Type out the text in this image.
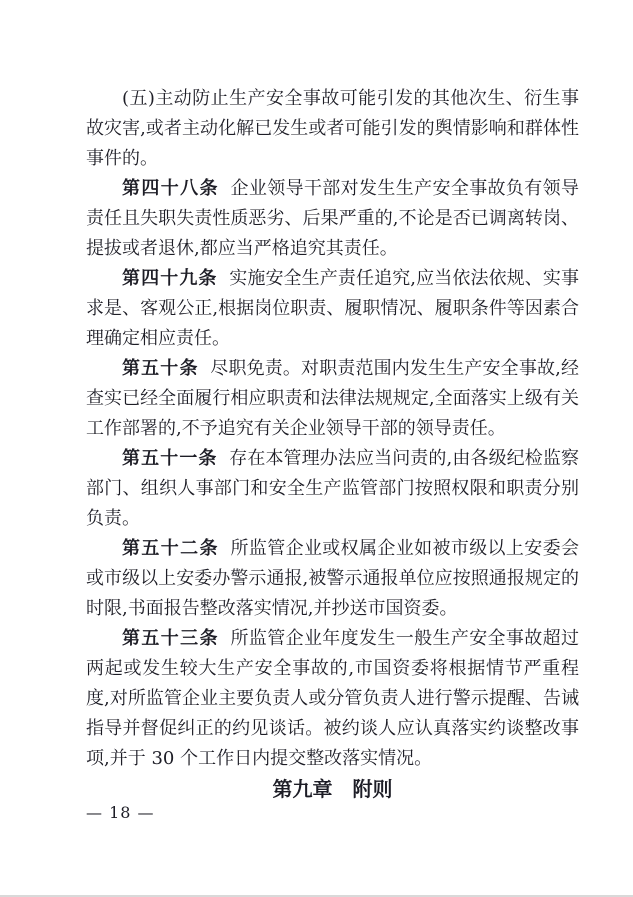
(五)主动防止生产安全事故可能引发的其他次生、衍生事故灾害,或者主动化解已发生或者可能引发的舆情影响和群体性事件的。

第四十八条 企业领导干部对发生生产安全事故负有领导责任且失职失责性质恶劣、后果严重的,不论是否已调离转岗、提拔或者退休,都应当严格追究其责任。

第四十九条 实施安全生产责任追究,应当依法依规、实事求是、客观公正,根据岗位职责、履职情况、履职条件等因素合理确定相应责任。

第五十条 尽职免责。对职责范围内发生生产安全事故,经查实已经全面履行相应职责和法律法规规定,全面落实上级有关工作部署的,不予追究有关企业领导干部的领导责任。

第五十一条 存在本管理办法应当问责的,由各级纪检监察部门、组织人事部门和安全生产监管部门按照权限和职责分别负责。

第五十二条 所监管企业或权属企业如被市级以上安委会或市级以上安委办警示通报,被警示通报单位应按照通报规定的时限,书面报告整改落实情况,并抄送市国资委。

第五十三条 所监管企业年度发生一般生产安全事故超过两起或发生较大生产安全事故的,市国资委将根据情节严重程度,对所监管企业主要负责人或分管负责人进行警示提醒、告诫指导并督促纠正的约见谈话。被约谈人应认真落实约谈整改事项,并于 30 个工作日内提交整改落实情况。

第九章　附则
— 18 —
